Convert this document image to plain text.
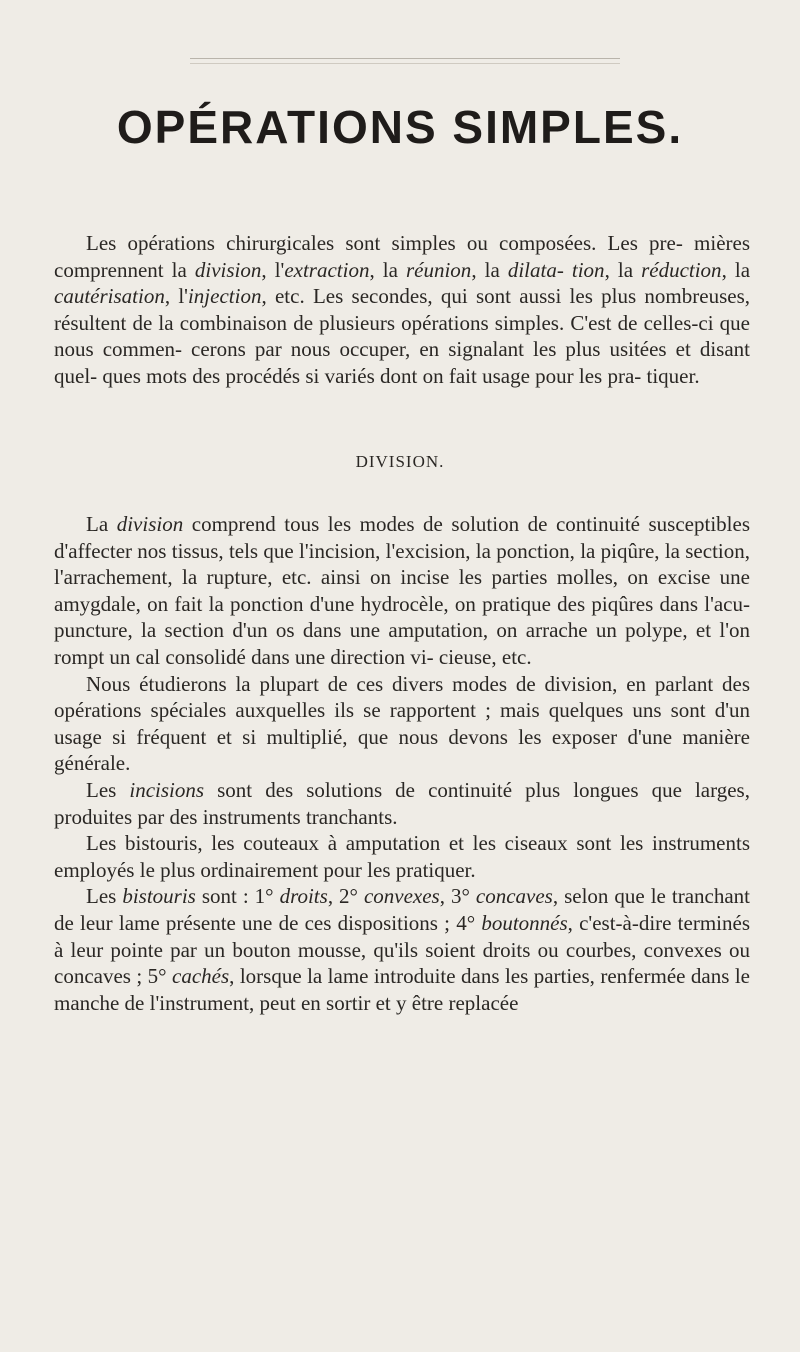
OPÉRATIONS SIMPLES.

Les opérations chirurgicales sont simples ou composées. Les pre- mières comprennent la division, l'extraction, la réunion, la dilata- tion, la réduction, la cautérisation, l'injection, etc. Les secondes, qui sont aussi les plus nombreuses, résultent de la combinaison de plusieurs opérations simples. C'est de celles-ci que nous commen- cerons par nous occuper, en signalant les plus usitées et disant quel- ques mots des procédés si variés dont on fait usage pour les pra- tiquer.

DIVISION.

La division comprend tous les modes de solution de continuité susceptibles d'affecter nos tissus, tels que l'incision, l'excision, la ponction, la piqûre, la section, l'arrachement, la rupture, etc. ainsi on incise les parties molles, on excise une amygdale, on fait la ponction d'une hydrocèle, on pratique des piqûres dans l'acu- puncture, la section d'un os dans une amputation, on arrache un polype, et l'on rompt un cal consolidé dans une direction vi- cieuse, etc.

Nous étudierons la plupart de ces divers modes de division, en parlant des opérations spéciales auxquelles ils se rapportent ; mais quelques uns sont d'un usage si fréquent et si multiplié, que nous devons les exposer d'une manière générale.

Les incisions sont des solutions de continuité plus longues que larges, produites par des instruments tranchants.

Les bistouris, les couteaux à amputation et les ciseaux sont les instruments employés le plus ordinairement pour les pratiquer.

Les bistouris sont : 1° droits, 2° convexes, 3° concaves, selon que le tranchant de leur lame présente une de ces dispositions ; 4° boutonnés, c'est-à-dire terminés à leur pointe par un bouton mousse, qu'ils soient droits ou courbes, convexes ou concaves ; 5° cachés, lorsque la lame introduite dans les parties, renfermée dans le manche de l'instrument, peut en sortir et y être replacée
